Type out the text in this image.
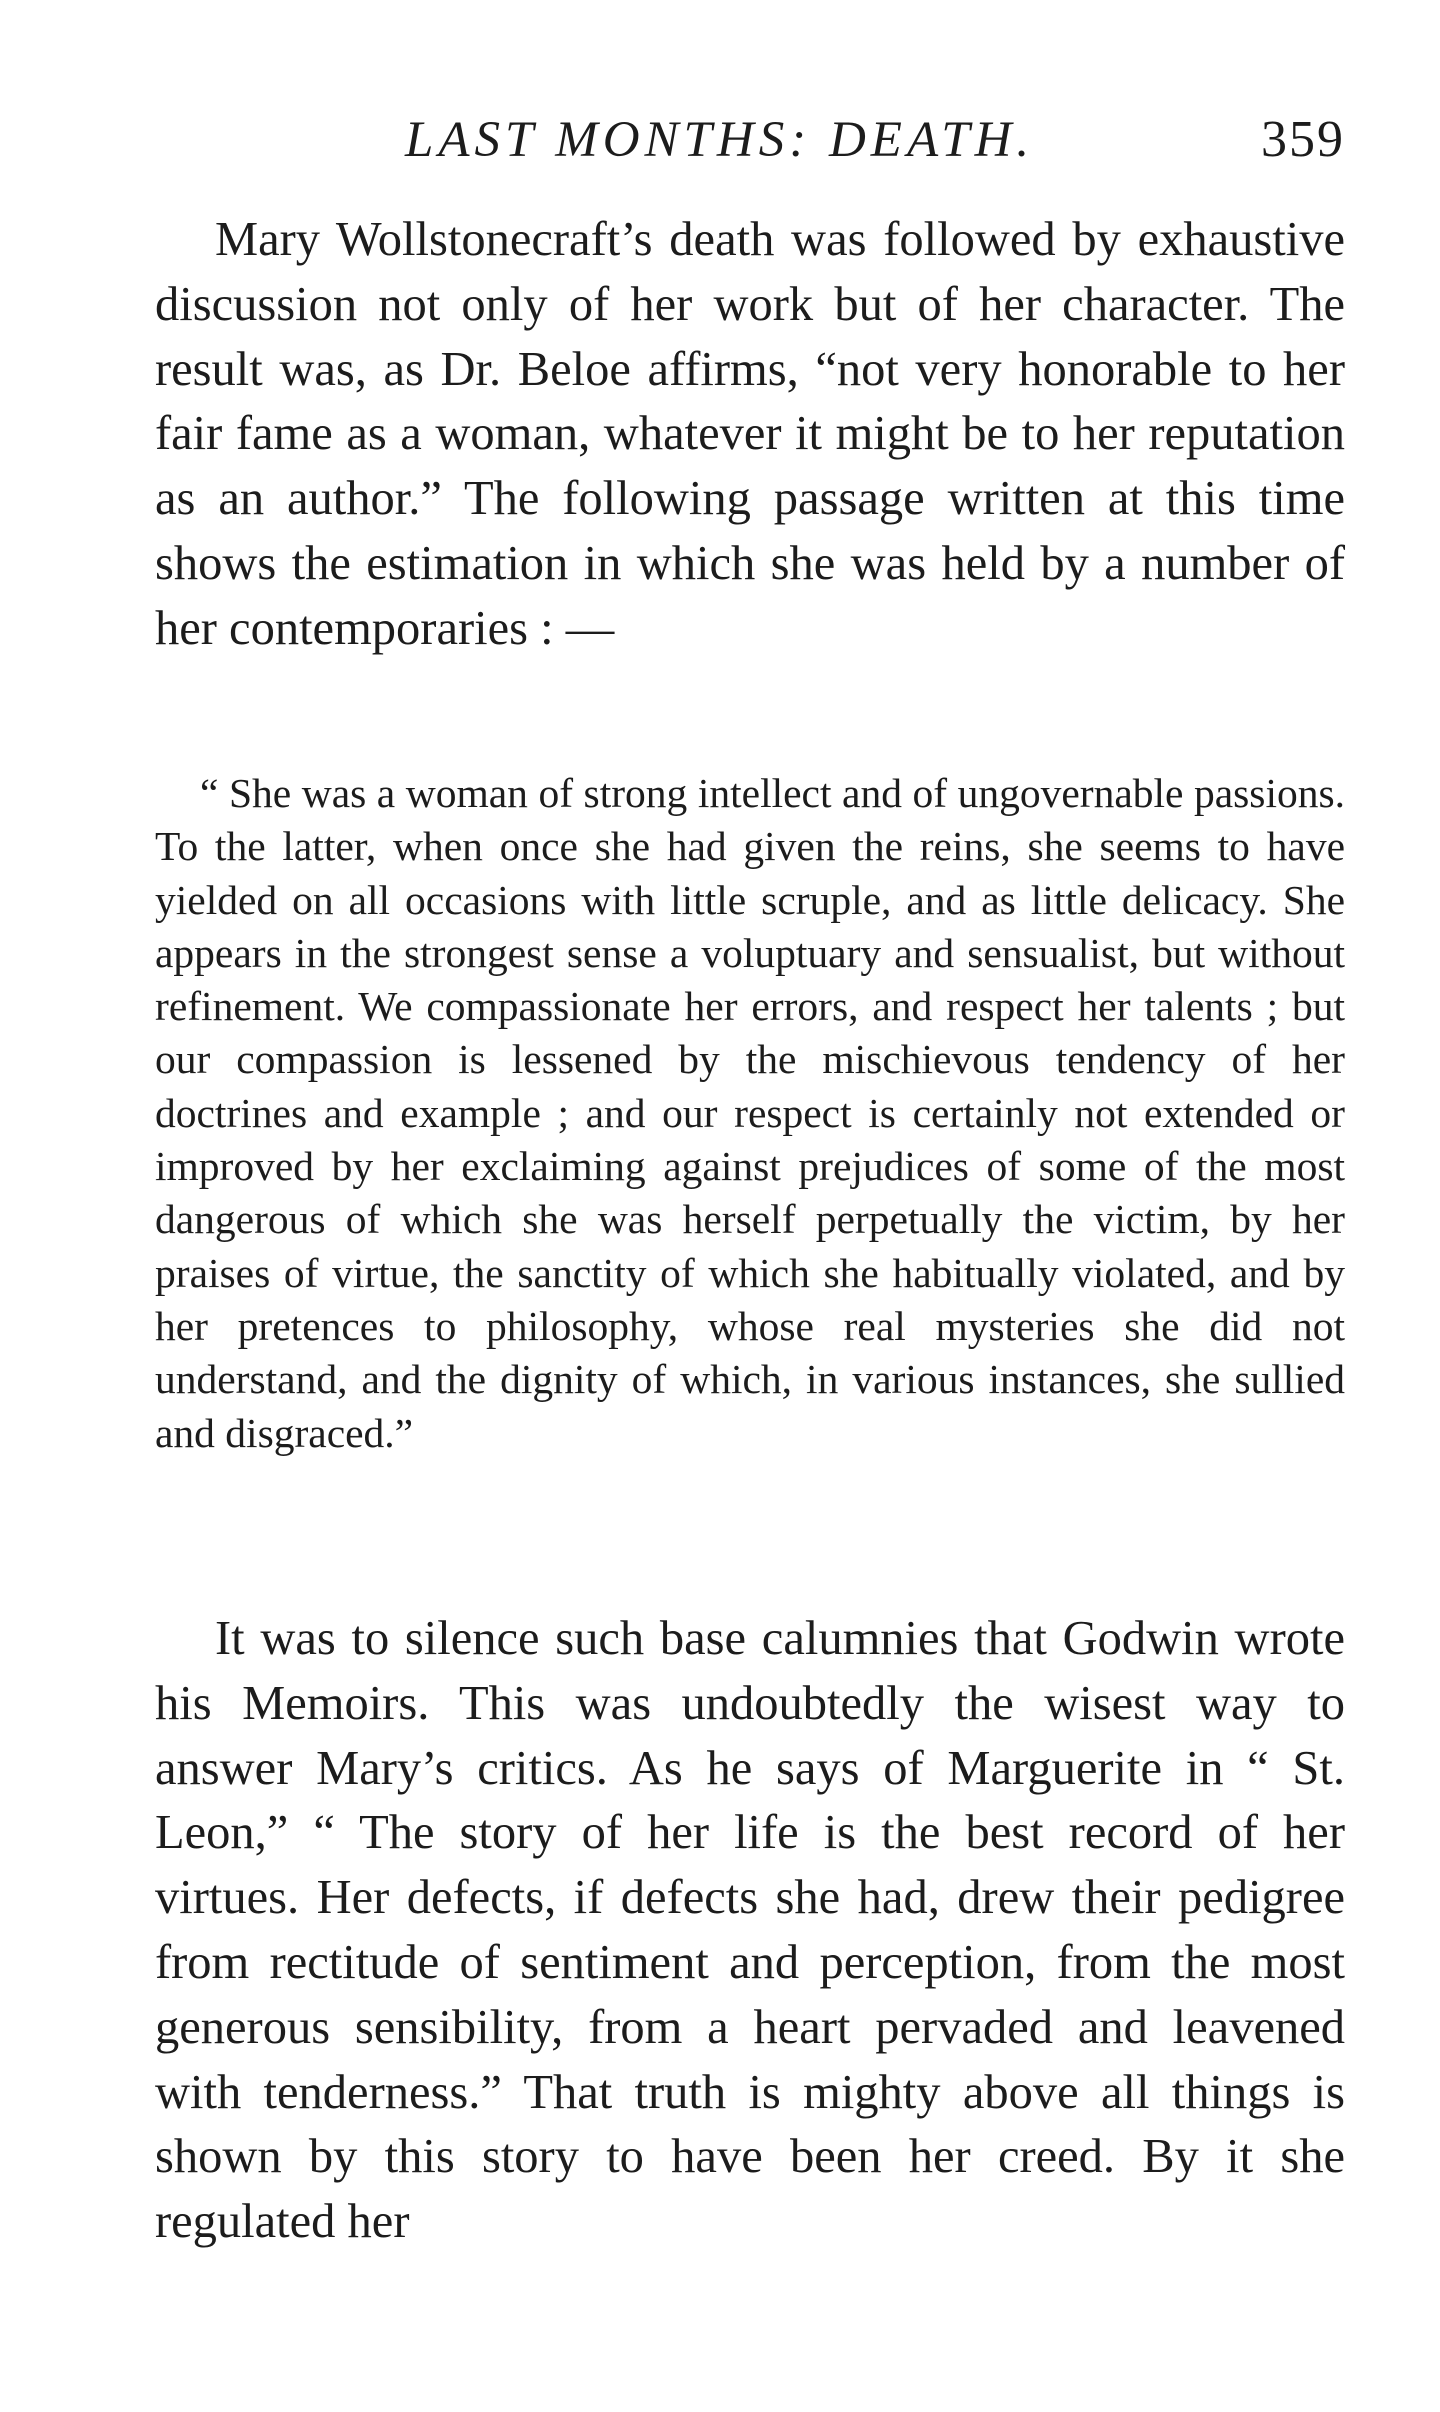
LAST MONTHS: DEATH.	359

Mary Wollstonecraft’s death was followed by exhaustive discussion not only of her work but of her character. The result was, as Dr. Beloe affirms, “not very honorable to her fair fame as a woman, whatever it might be to her reputation as an author.” The following passage written at this time shows the estimation in which she was held by a number of her contemporaries : —

“ She was a woman of strong intellect and of ungovernable passions. To the latter, when once she had given the reins, she seems to have yielded on all occasions with little scruple, and as little delicacy. She appears in the strongest sense a voluptuary and sensualist, but without refinement. We compassionate her errors, and respect her talents ; but our compassion is lessened by the mischievous tendency of her doctrines and example ; and our respect is certainly not extended or improved by her exclaiming against prejudices of some of the most dangerous of which she was herself perpetually the victim, by her praises of virtue, the sanctity of which she habitually violated, and by her pretences to philosophy, whose real mysteries she did not understand, and the dignity of which, in various instances, she sullied and disgraced.”

It was to silence such base calumnies that Godwin wrote his Memoirs. This was undoubtedly the wisest way to answer Mary’s critics. As he says of Marguerite in “ St. Leon,” “ The story of her life is the best record of her virtues. Her defects, if defects she had, drew their pedigree from rectitude of sentiment and perception, from the most generous sensibility, from a heart pervaded and leavened with tenderness.” That truth is mighty above all things is shown by this story to have been her creed. By it she regulated her
